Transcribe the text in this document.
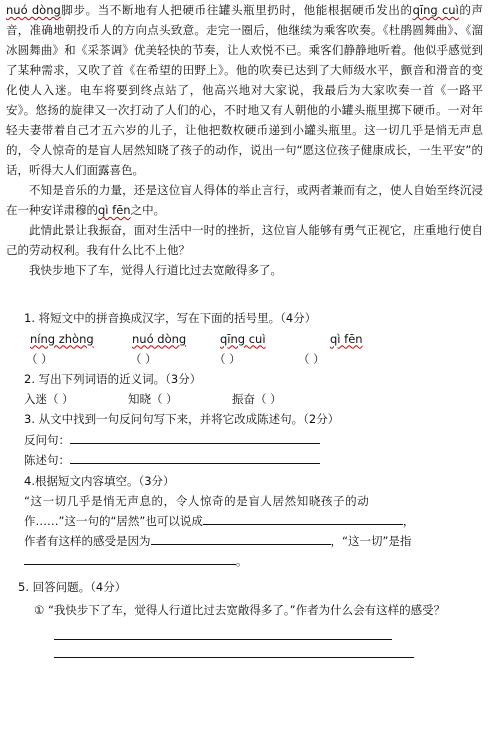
nuó dòng脚步。当不断地有人把硬币往罐头瓶里扔时，他能根据硬币发出的qīng cuì的声音，准确地朝投币人的方向点头致意。走完一圈后，他继续为乘客吹奏。《杜鹃圆舞曲》、《溜冰圆舞曲》和《采茶调》优美轻快的节奏，让人欢悦不已。乘客们静静地听着。他似乎感觉到了某种需求，又吹了首《在希望的田野上》。他的吹奏已达到了大师级水平，颤音和滑音的变化使人入迷。电车将要到终点站了，他高兴地对大家说，我最后为大家吹奏一首《一路平安》。悠扬的旋律又一次打动了人们的心，不时地又有人朝他的小罐头瓶里掷下硬币。一对年轻夫妻带着自己才五六岁的儿子，让他把数枚硬币递到小罐头瓶里。这一切几乎是悄无声息的，令人惊奇的是盲人居然知晓了孩子的动作，说出一句“愿这位孩子健康成长，一生平安”的话，听得大人们面露喜色。

不知是音乐的力量，还是这位盲人得体的举止言行，或两者兼而有之，使人自始至终沉浸在一种安详肃穆的qì fēn之中。

此情此景让我振奋，面对生活中一时的挫折，这位盲人能够有勇气正视它，庄重地行使自己的劳动权利。我有什么比不上他？

我快步地下了车，觉得人行道比过去宽敞得多了。

1. 将短文中的拼音换成汉字，写在下面的括号里。（4分）

níng zhòng	nuó dòng	qīng cuì	qì fēn
（ ）	（ ）	（ ）	（ ）

2. 写出下列词语的近义词。（3分）

入迷（ ）	知晓（ ）	振奋（ ）

3. 从文中找到一句反问句写下来，并将它改成陈述句。（2分）

反问句：

陈述句：

4.根据短文内容填空。（3分）

“这一切几乎是悄无声息的，令人惊奇的是盲人居然知晓孩子的动

作……”这一句的“居然”也可以说成	，

作者有这样的感受是因为	，“这一切”是指

。

5. 回答问题。（4分）

① “我快步下了车，觉得人行道比过去宽敞得多了。”作者为什么会有这样的感受？
